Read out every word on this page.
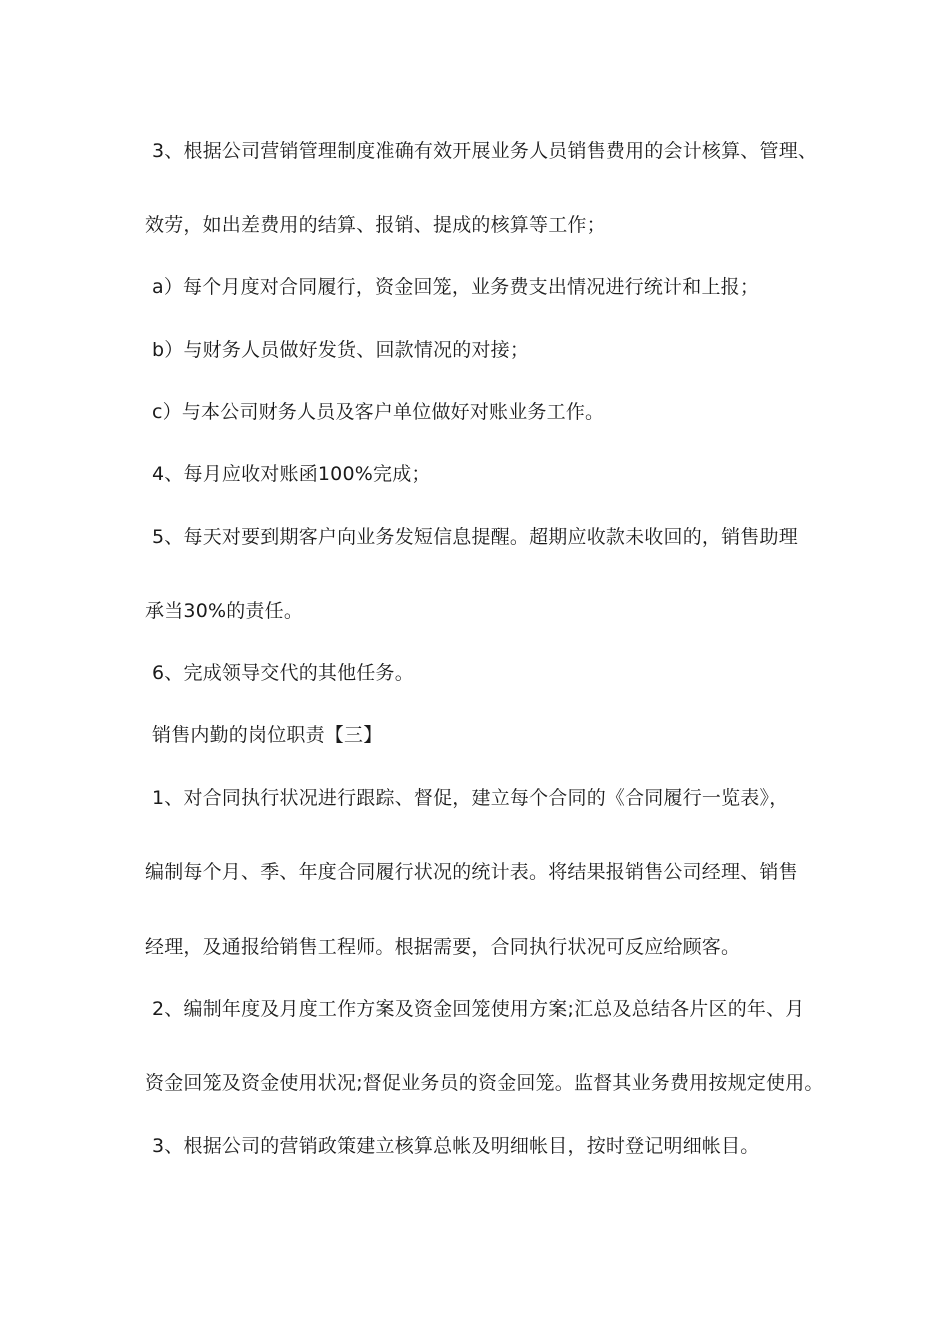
3、根据公司营销管理制度准确有效开展业务人员销售费用的会计核算、管理、
效劳，如出差费用的结算、报销、提成的核算等工作；
a）每个月度对合同履行，资金回笼，业务费支出情况进行统计和上报；
b）与财务人员做好发货、回款情况的对接；
c）与本公司财务人员及客户单位做好对账业务工作。
4、每月应收对账函100%完成；
5、每天对要到期客户向业务发短信息提醒。超期应收款未收回的，销售助理
承当30%的责任。
6、完成领导交代的其他任务。
销售内勤的岗位职责【三】
1、对合同执行状况进行跟踪、督促，建立每个合同的《合同履行一览表》，
编制每个月、季、年度合同履行状况的统计表。将结果报销售公司经理、销售
经理，及通报给销售工程师。根据需要，合同执行状况可反应给顾客。
2、编制年度及月度工作方案及资金回笼使用方案;汇总及总结各片区的年、月
资金回笼及资金使用状况;督促业务员的资金回笼。监督其业务费用按规定使用。
3、根据公司的营销政策建立核算总帐及明细帐目，按时登记明细帐目。
